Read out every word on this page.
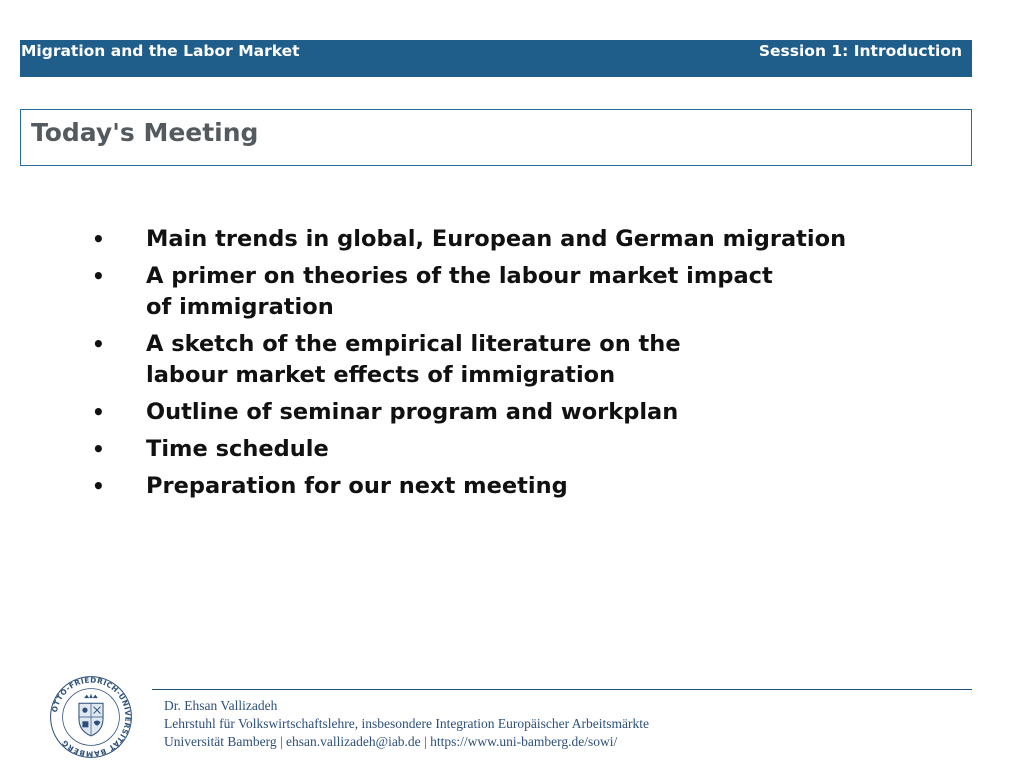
Migration and the Labor Market	Session 1: Introduction
Today's Meeting
•	Main trends in global, European and German migration
•	A primer on theories of the labour market impact
of immigration
•	A sketch of the empirical literature on the
labour market effects of immigration
•	Outline of seminar program and workplan
•	Time schedule
•	Preparation for our next meeting
OTTO-FRIEDRICH-UNIVERSITÄT BAMBERG
Dr. Ehsan Vallizadeh
Lehrstuhl für Volkswirtschaftslehre, insbesondere Integration Europäischer Arbeitsmärkte
Universität Bamberg | ehsan.vallizadeh@iab.de | https://www.uni-bamberg.de/sowi/
